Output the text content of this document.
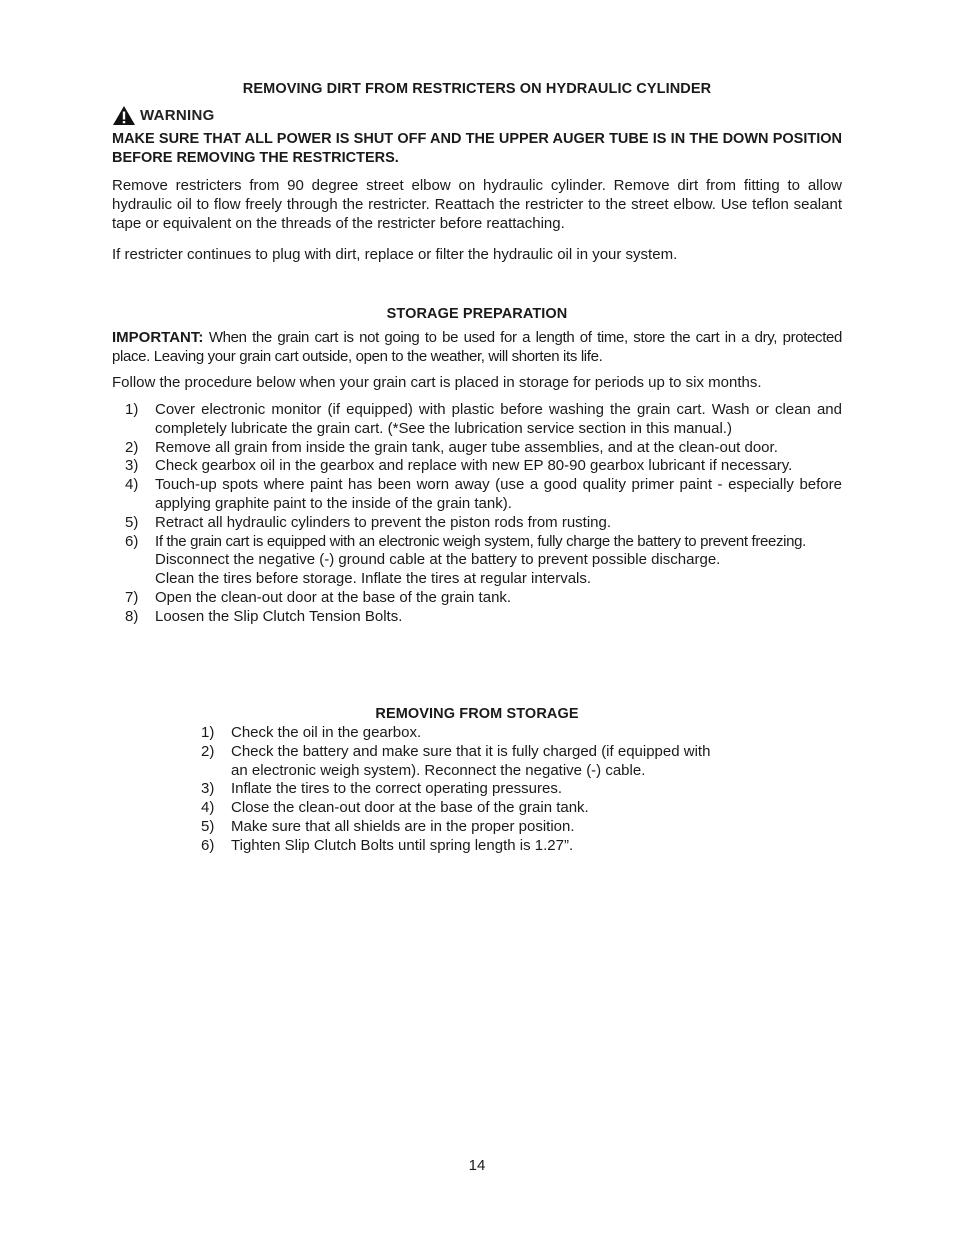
REMOVING DIRT FROM RESTRICTERS ON HYDRAULIC CYLINDER
WARNING
MAKE SURE THAT ALL POWER IS SHUT OFF AND THE UPPER AUGER TUBE IS IN THE DOWN POSITION BEFORE REMOVING THE RESTRICTERS.
Remove restricters from 90 degree street elbow on hydraulic cylinder. Remove dirt from fitting to allow hydraulic oil to flow freely through the restricter. Reattach the restricter to the street elbow. Use teflon sealant tape or equivalent on the threads of the restricter before reattaching.
If restricter continues to plug with dirt, replace or filter the hydraulic oil in your system.
STORAGE PREPARATION
IMPORTANT: When the grain cart is not going to be used for a length of time, store the cart in a dry, protected place. Leaving your grain cart outside, open to the weather, will shorten its life.
Follow the procedure below when your grain cart is placed in storage for periods up to six months.
1) Cover electronic monitor (if equipped) with plastic before washing the grain cart. Wash or clean and completely lubricate the grain cart. (*See the lubrication service section in this manual.)
2) Remove all grain from inside the grain tank, auger tube assemblies, and at the clean-out door.
3) Check gearbox oil in the gearbox and replace with new EP 80-90 gearbox lubricant if necessary.
4) Touch-up spots where paint has been worn away (use a good quality primer paint - especially before applying graphite paint to the inside of the grain tank).
5) Retract all hydraulic cylinders to prevent the piston rods from rusting.
6) If the grain cart is equipped with an electronic weigh system, fully charge the battery to prevent freezing.
Disconnect the negative (-) ground cable at the battery to prevent possible discharge.
Clean the tires before storage. Inflate the tires at regular intervals.
7) Open the clean-out door at the base of the grain tank.
8) Loosen the Slip Clutch Tension Bolts.
REMOVING FROM STORAGE
1) Check the oil in the gearbox.
2) Check the battery and make sure that it is fully charged (if equipped with
an electronic weigh system). Reconnect the negative (-) cable.
3) Inflate the tires to the correct operating pressures.
4) Close the clean-out door at the base of the grain tank.
5) Make sure that all shields are in the proper position.
6) Tighten Slip Clutch Bolts until spring length is 1.27”.
14
